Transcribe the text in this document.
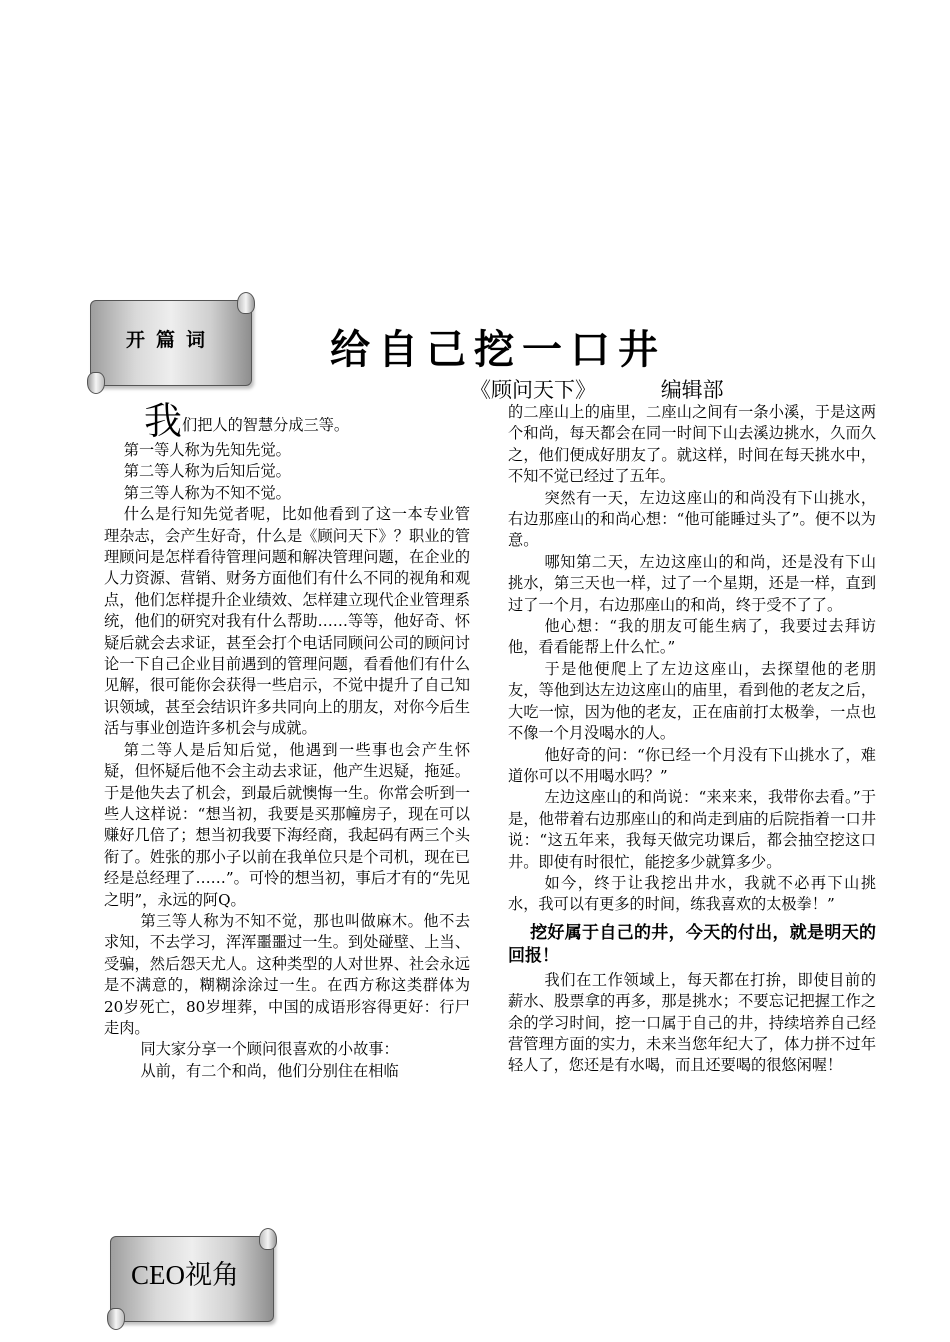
开篇词	给自己挖一口井
《顾问天下》	编辑部

我们把人的智慧分成三等。

第一等人称为先知先觉。

第二等人称为后知后觉。

第三等人称为不知不觉。

什么是行知先觉者呢，比如他看到了这一本专业管理杂志，会产生好奇，什么是《顾问天下》？职业的管理顾问是怎样看待管理问题和解决管理问题，在企业的人力资源、营销、财务方面他们有什么不同的视角和观点，他们怎样提升企业绩效、怎样建立现代企业管理系统，他们的研究对我有什么帮助……等等，他好奇、怀疑后就会去求证，甚至会打个电话同顾问公司的顾问讨论一下自己企业目前遇到的管理问题，看看他们有什么见解，很可能你会获得一些启示，不觉中提升了自己知识领域，甚至会结识许多共同向上的朋友，对你今后生活与事业创造许多机会与成就。

第二等人是后知后觉，他遇到一些事也会产生怀疑，但怀疑后他不会主动去求证，他产生迟疑，拖延。于是他失去了机会，到最后就懊悔一生。你常会听到一些人这样说：“想当初，我要是买那幢房子，现在可以赚好几倍了；想当初我要下海经商，我起码有两三个头衔了。姓张的那小子以前在我单位只是个司机，现在已经是总经理了……”。可怜的想当初，事后才有的“先见之明”，永远的阿Q。

第三等人称为不知不觉，那也叫做麻木。他不去求知，不去学习，浑浑噩噩过一生。到处碰壁、上当、受骗，然后怨天尤人。这种类型的人对世界、社会永远是不满意的，糊糊涂涂过一生。在西方称这类群体为20岁死亡，80岁埋葬，中国的成语形容得更好：行尸走肉。

同大家分享一个顾问很喜欢的小故事：

从前，有二个和尚，他们分别住在相临

的二座山上的庙里，二座山之间有一条小溪，于是这两个和尚，每天都会在同一时间下山去溪边挑水，久而久之，他们便成好朋友了。就这样，时间在每天挑水中，不知不觉已经过了五年。

突然有一天，左边这座山的和尚没有下山挑水，右边那座山的和尚心想：“他可能睡过头了”。便不以为意。

哪知第二天，左边这座山的和尚，还是没有下山挑水，第三天也一样，过了一个星期，还是一样，直到过了一个月，右边那座山的和尚，终于受不了了。

他心想：“我的朋友可能生病了，我要过去拜访他，看看能帮上什么忙。”

于是他便爬上了左边这座山，去探望他的老朋友，等他到达左边这座山的庙里，看到他的老友之后，大吃一惊，因为他的老友，正在庙前打太极拳，一点也不像一个月没喝水的人。

他好奇的问：“你已经一个月没有下山挑水了，难道你可以不用喝水吗？”

左边这座山的和尚说：“来来来，我带你去看。”于是，他带着右边那座山的和尚走到庙的后院指着一口井说：“这五年来，我每天做完功课后，都会抽空挖这口井。即使有时很忙，能挖多少就算多少。

如今，终于让我挖出井水，我就不必再下山挑水，我可以有更多的时间，练我喜欢的太极拳！”

挖好属于自己的井，今天的付出，就是明天的回报！

我们在工作领域上，每天都在打拚，即使目前的薪水、股票拿的再多，那是挑水；不要忘记把握工作之余的学习时间，挖一口属于自己的井，持续培养自己经营管理方面的实力，未来当您年纪大了，体力拼不过年轻人了，您还是有水喝，而且还要喝的很悠闲喔！

CEO视角
